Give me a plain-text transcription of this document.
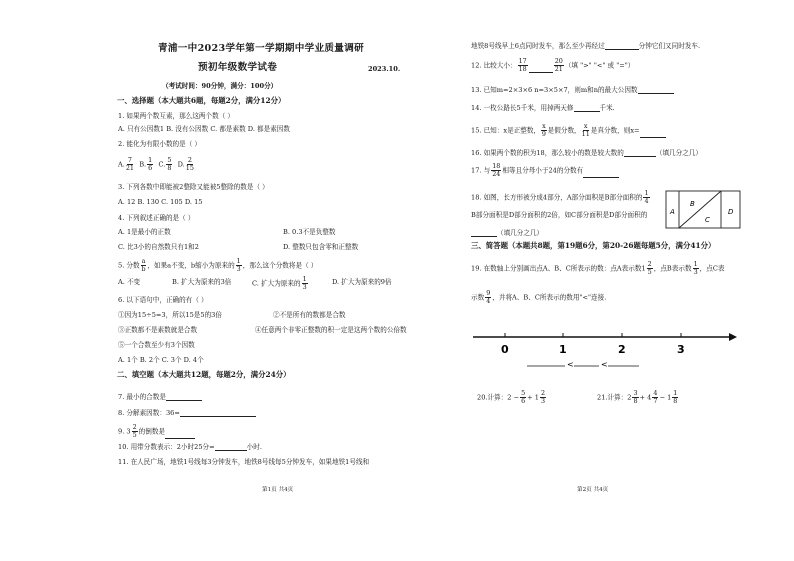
青浦一中2023学年第一学期期中学业质量调研
预初年级数学试卷	2023.10.
（考试时间：90分钟，满分：100分）
一、选择题（本大题共6题，每题2分，满分12分）
1. 如果两个数互素，那么这两个数（ ）
A. 只有公因数1 B. 没有公因数 C. 都是素数 D. 都是素因数
2. 能化为有限小数的是（ ）
A. $\frac{7}{21} B$. $\frac{1}{6} C$. $\frac{5}{8} D$. $\frac{2}{15}$
3. 下列各数中即能被2整除又能被5整除的数是（ ）
A. 12 B. 130 C. 105 D. 15
4. 下列叙述正确的是（ ）
A. 1是最小的正数	B. 0.3不是负整数
C. 比3小的自然数只有1和2	D. 整数只包含零和正整数
5. 分数 $\frac{a}{b}$ ，如果a不变，b缩小为原来的 $\frac{1}{3}$ ，那么这个分数将是（ ）
A. 不变	B. 扩大为原来的3倍	C. 扩大为原来的 $\frac{1}{3}$	D. 扩大为原来的9倍
6. 以下语句中，正确的有（ ）
①因为15÷5=3，所以15是5的3倍	②不是所有的数都是合数
③正数都不是素数就是合数	④任意两个非零正整数的积一定是这两个数的公倍数
⑤一个合数至少有3个因数
A. 1个 B. 2个 C. 3个 D. 4个
二、填空题（本大题共12题，每题2分，满分24分）
7. 最小的合数是
8. 分解素因数：36=
9. $3 \frac{2}{5}$ 的倒数是
10. 用带分数表示：2小时25分=	小时.
11. 在人民广场，地铁1号线每3分钟发车，地铁8号线每5分钟发车，如果地铁1号线和
第1页 共4页
地铁8号线早上6点同时发车，那么至少再经过	分钟它们又同时发车.
12. 比较大小： $\frac{17}{18}$	$\frac{20}{21}$ （填 ">" "<" 或 "="）
13. 已知m=2×3×6 n=3×5×7，则m和n的最大公因数
14. 一枚公路长5千米，用掉两天修	千米.
15. 已知：x是正整数， $\frac{x}{9}$ 是假分数， $\frac{x}{11}$ 是真分数，则x=
16. 如果两个数的积为18，那么较小的数是较大数的	（填几分之几）
17. 与 $\frac{18}{24}$ 相等且分母小于24的分数有
18. 如图，长方形被分成4部分，A部分面积是B部分面积的 $\frac{1}{4}$
B部分面积是D部分面积的2倍，如C部分面积是D部分面积的
（填几分之几）
A
B
C
D
三、简答题（本题共8题，第19题6分，第20-26题每题5分，满分41分）
19. 在数轴上分别画出点A、B、C所表示的数：点A表示数$1 \frac{2}{5}$ ，点B表示数 $\frac{1}{3}$ ，点C表
示数 $\frac{9}{4}$ ，并将A、B、C所表示的数用"<"连接.
0	1	2	3
<	<
20.计算：$2 - \frac{5}{6} + 1 \frac{2}{3}$	21.计算：$2 \frac{3}{8} + 4 \frac{4}{7} - 1 \frac{1}{8}$
第2页 共4页
